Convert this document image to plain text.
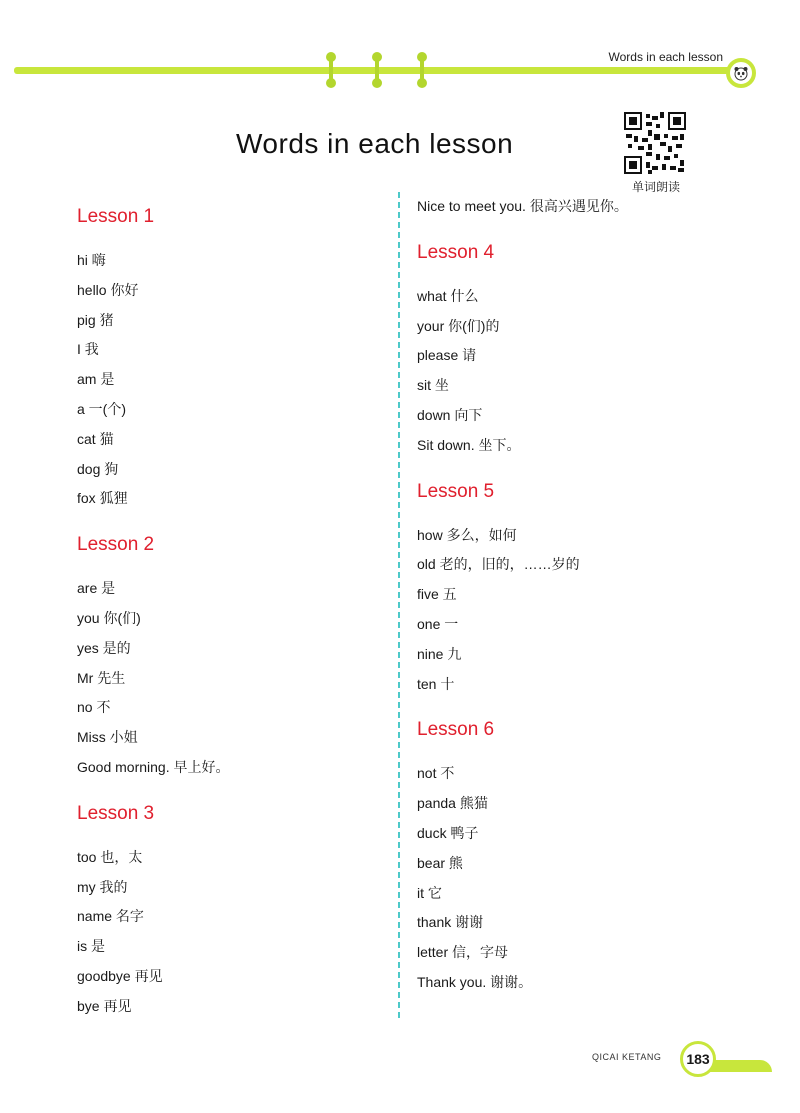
Words in each lesson
Words in each lesson
单词朗读
Lesson 1
hi 嗨
hello 你好
pig 猪
I 我
am 是
a 一(个)
cat 猫
dog 狗
fox 狐狸
Lesson 2
are 是
you 你(们)
yes 是的
Mr 先生
no 不
Miss 小姐
Good morning. 早上好。
Lesson 3
too 也，太
my 我的
name 名字
is 是
goodbye 再见
bye 再见
Nice to meet you. 很高兴遇见你。
Lesson 4
what 什么
your 你(们)的
please 请
sit 坐
down 向下
Sit down. 坐下。
Lesson 5
how 多么，如何
old 老的，旧的，……岁的
five 五
one 一
nine 九
ten 十
Lesson 6
not 不
panda 熊猫
duck 鸭子
bear 熊
it 它
thank 谢谢
letter 信，字母
Thank you. 谢谢。
QICAI KETANG	183
